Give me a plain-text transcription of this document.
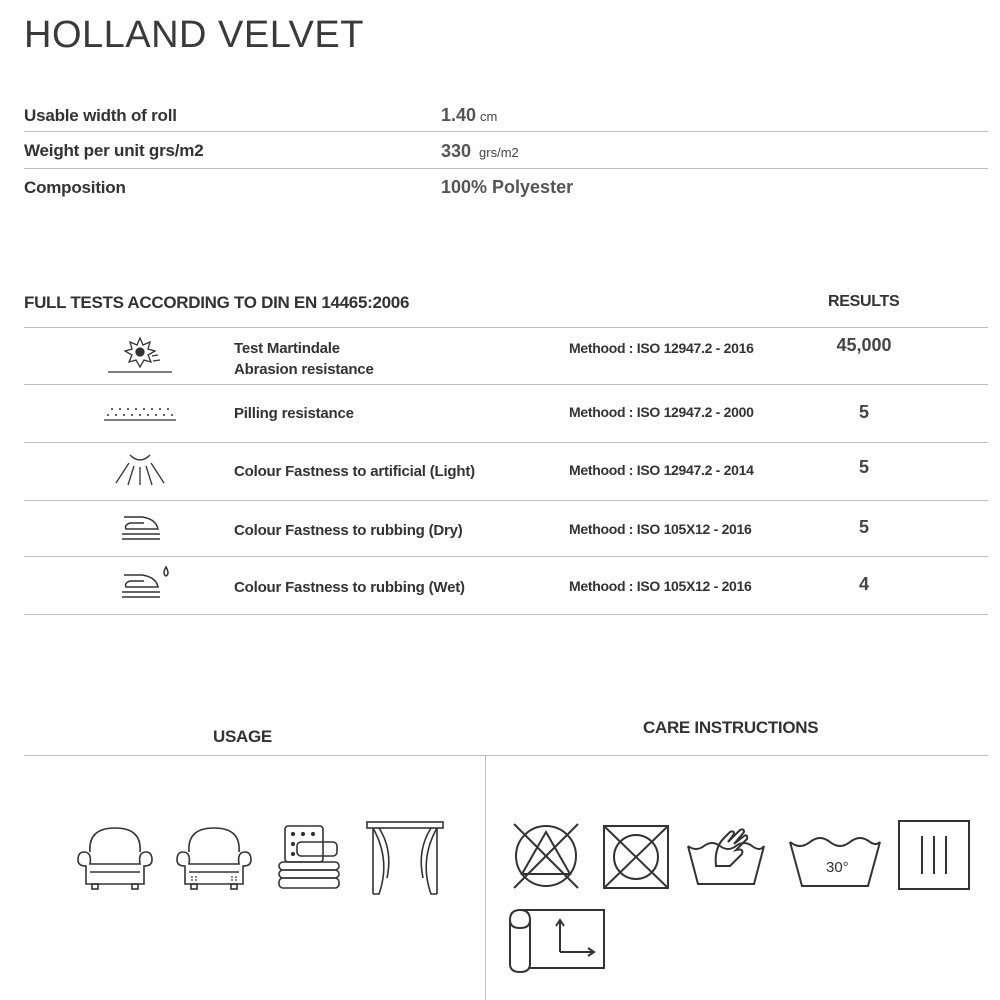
HOLLAND VELVET
Usable width of roll	1.40 cm
Weight per unit grs/m2	330 grs/m2
Composition	100% Polyester
FULL TESTS ACCORDING TO DIN EN 14465:2006	RESULTS
Test Martindale
Abrasion resistance
Methood : ISO 12947.2 - 2016	45,000
Pilling resistance	Methood : ISO 12947.2 - 2000	5
Colour Fastness to artificial (Light)	Methood : ISO 12947.2 - 2014	5
Colour Fastness to rubbing (Dry)	Methood : ISO 105X12 - 2016	5
Colour Fastness to rubbing (Wet)	Methood : ISO 105X12 - 2016	4
USAGE	CARE INSTRUCTIONS
30°
